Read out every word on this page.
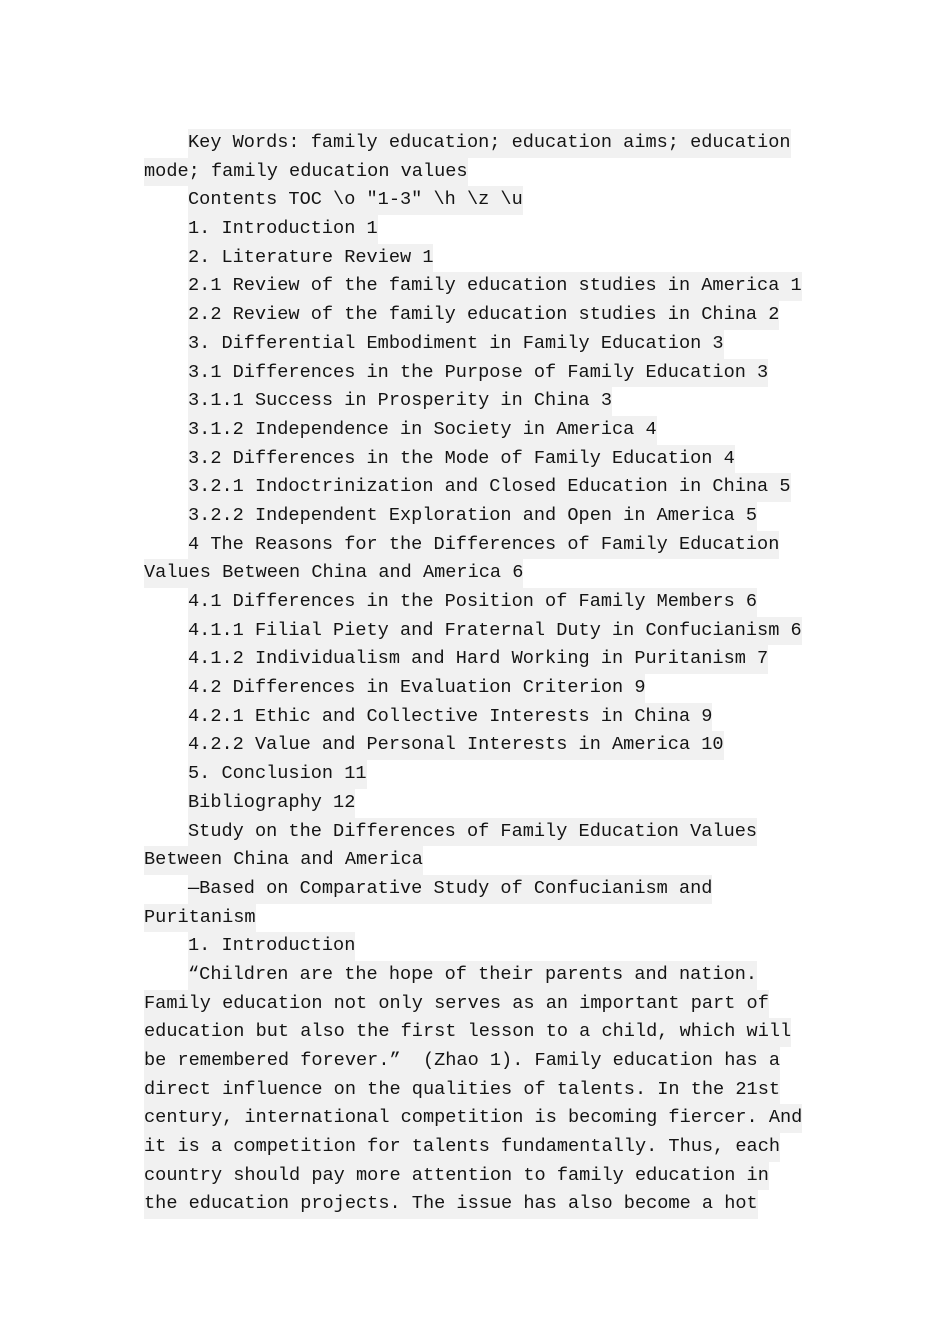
Key Words: family education; education aims; education
mode; family education values
Contents TOC \o ″1-3″ \h \z \u
1. Introduction 1
2. Literature Review 1
2.1 Review of the family education studies in America 1
2.2 Review of the family education studies in China 2
3. Differential Embodiment in Family Education 3
3.1 Differences in the Purpose of Family Education 3
3.1.1 Success in Prosperity in China 3
3.1.2 Independence in Society in America 4
3.2 Differences in the Mode of Family Education 4
3.2.1 Indoctrinization and Closed Education in China 5
3.2.2 Independent Exploration and Open in America 5
4 The Reasons for the Differences of Family Education
Values Between China and America 6
4.1 Differences in the Position of Family Members 6
4.1.1 Filial Piety and Fraternal Duty in Confucianism 6
4.1.2 Individualism and Hard Working in Puritanism 7
4.2 Differences in Evaluation Criterion 9
4.2.1 Ethic and Collective Interests in China 9
4.2.2 Value and Personal Interests in America 10
5. Conclusion 11
Bibliography 12
Study on the Differences of Family Education Values
Between China and America
—Based on Comparative Study of Confucianism and
Puritanism
1. Introduction
“Children are the hope of their parents and nation.
Family education not only serves as an important part of
education but also the first lesson to a child, which will
be remembered forever.”  (Zhao 1). Family education has a
direct influence on the qualities of talents. In the 21st
century, international competition is becoming fiercer. And
it is a competition for talents fundamentally. Thus, each
country should pay more attention to family education in
the education projects. The issue has also become a hot
